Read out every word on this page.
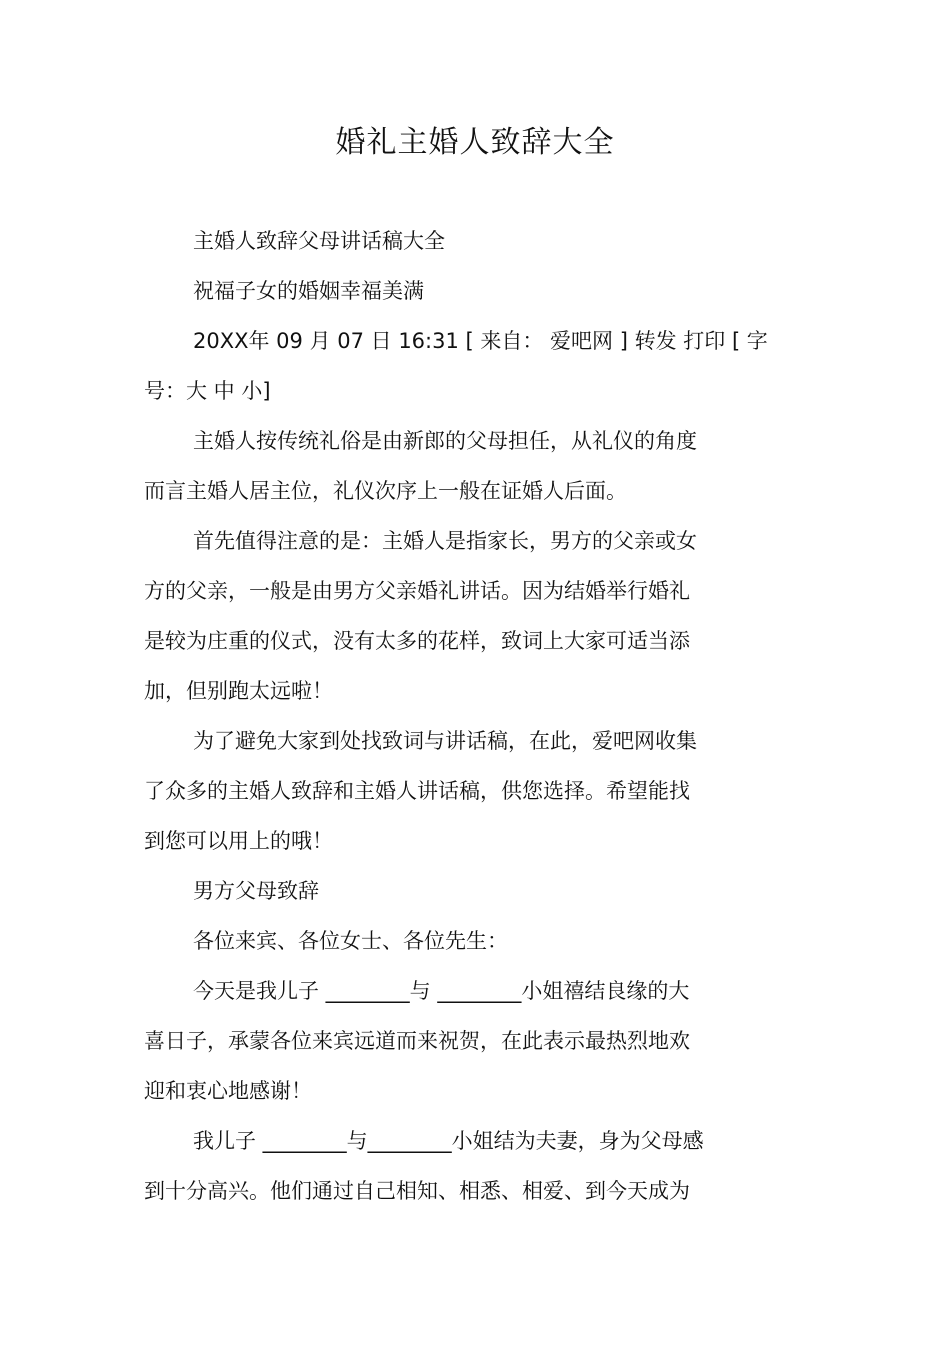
婚礼主婚人致辞大全
主婚人致辞父母讲话稿大全
祝福子女的婚姻幸福美满
20XX年 09 月 07 日 16:31 [ 来自： 爱吧网 ] 转发 打印 [ 字
号：大 中 小]
主婚人按传统礼俗是由新郎的父母担任，从礼仪的角度
而言主婚人居主位，礼仪次序上一般在证婚人后面。
首先值得注意的是：主婚人是指家长，男方的父亲或女
方的父亲，一般是由男方父亲婚礼讲话。因为结婚举行婚礼
是较为庄重的仪式，没有太多的花样，致词上大家可适当添
加，但别跑太远啦！
为了避免大家到处找致词与讲话稿，在此，爱吧网收集
了众多的主婚人致辞和主婚人讲话稿，供您选择。希望能找
到您可以用上的哦！
男方父母致辞
各位来宾、各位女士、各位先生：
今天是我儿子 ________与 ________小姐禧结良缘的大
喜日子，承蒙各位来宾远道而来祝贺，在此表示最热烈地欢
迎和衷心地感谢！
我儿子 ________与________小姐结为夫妻，身为父母感
到十分高兴。他们通过自己相知、相悉、相爱、到今天成为
